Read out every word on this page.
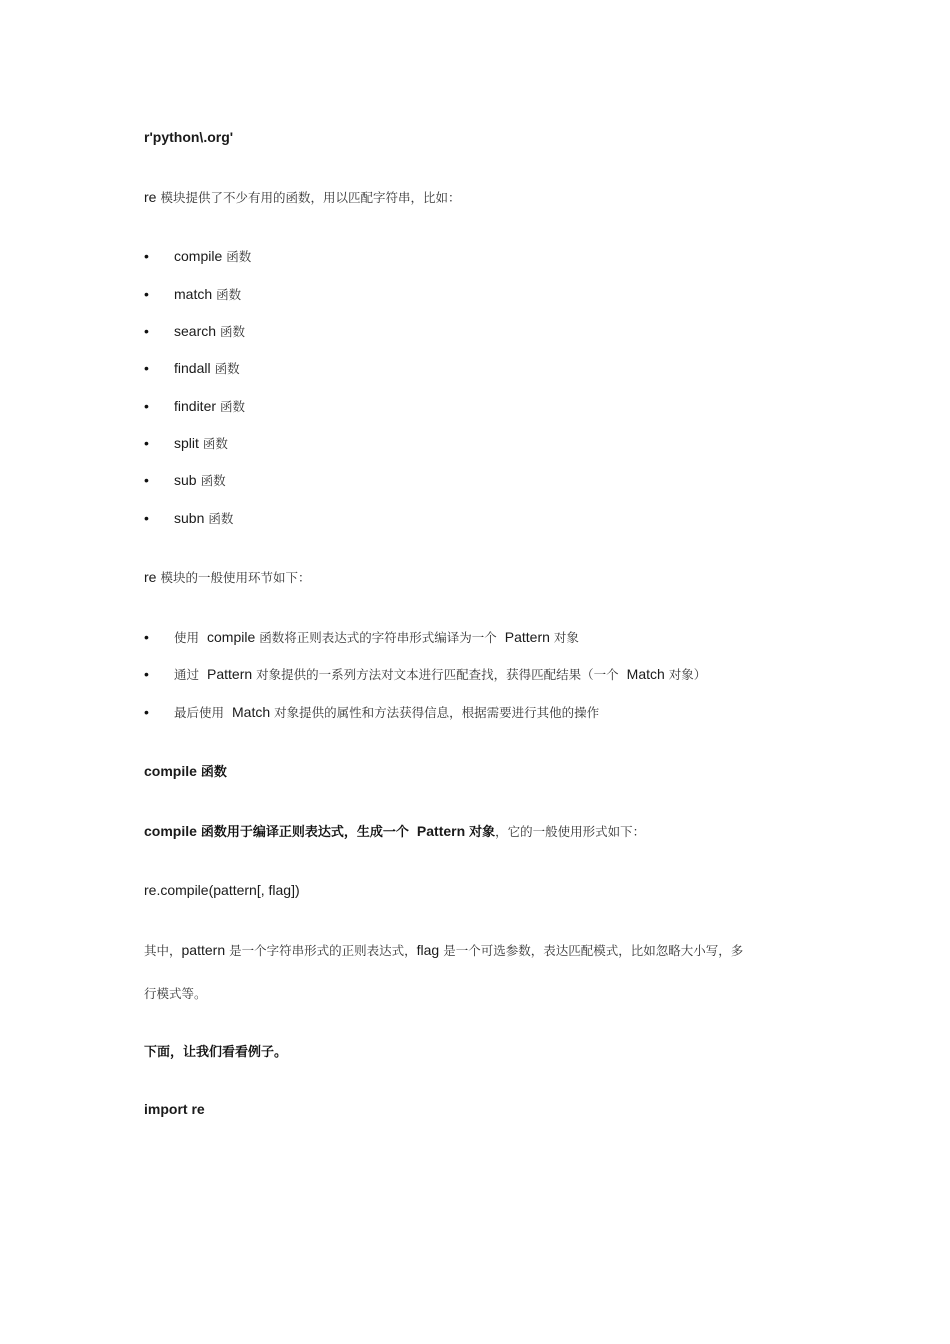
r'python\.org'
re 模块提供了不少有用的函数，用以匹配字符串，比如：
•	compile 函数
•	match 函数
•	search 函数
•	findall 函数
•	finditer 函数
•	split 函数
•	sub 函数
•	subn 函数
re 模块的一般使用环节如下：
•	使用 compile 函数将正则表达式的字符串形式编译为一个 Pattern 对象
•	通过 Pattern 对象提供的一系列方法对文本进行匹配查找，获得匹配结果（一个 Match 对象）
•	最后使用 Match 对象提供的属性和方法获得信息，根据需要进行其他的操作
compile 函数
compile 函数用于编译正则表达式，生成一个 Pattern 对象，它的一般使用形式如下：
re.compile(pattern[, flag])
其中，pattern 是一个字符串形式的正则表达式，flag 是一个可选参数，表达匹配模式，比如忽略大小写，多
行模式等。
下面，让我们看看例子。
import re
